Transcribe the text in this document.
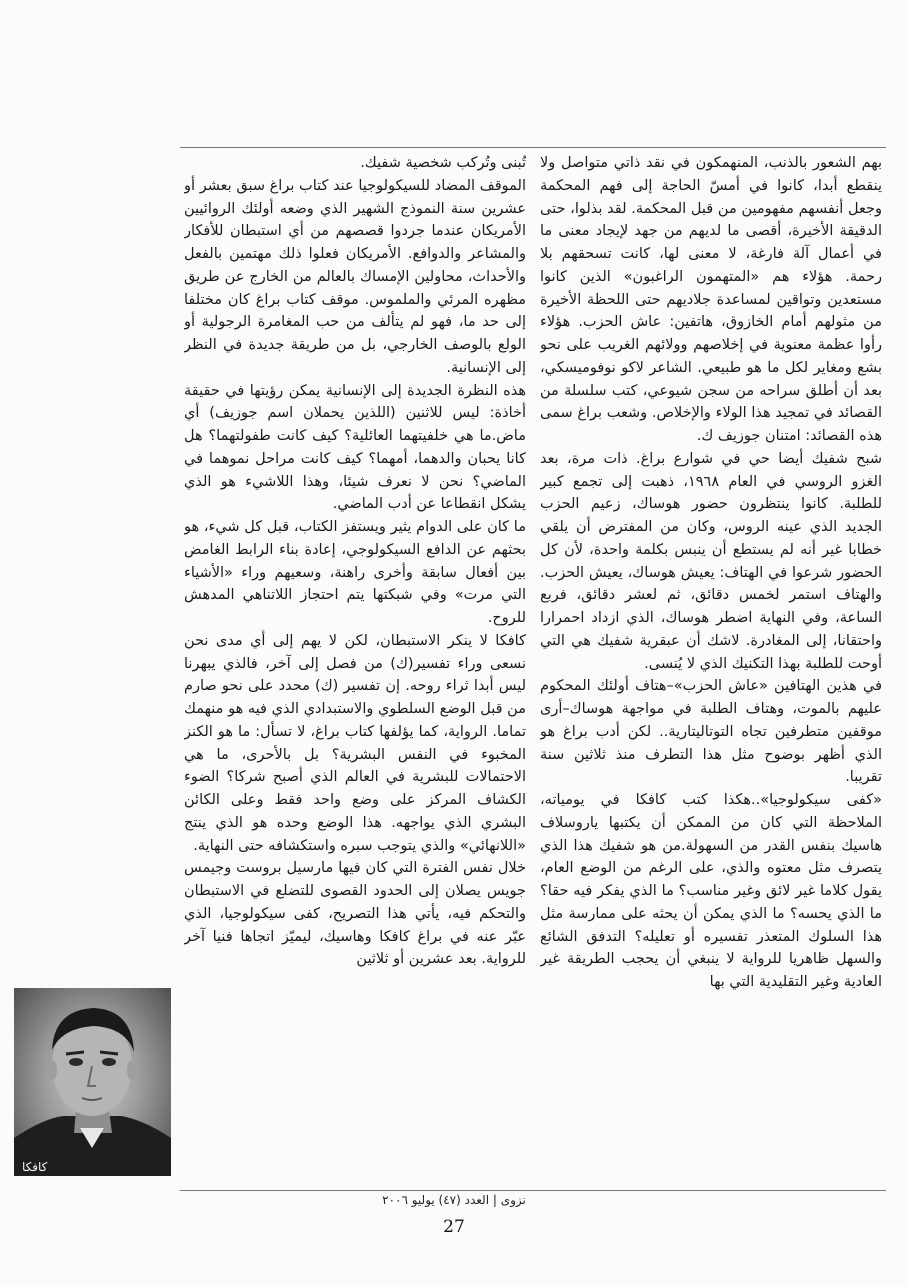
بهم الشعور بالذنب، المنهمكون في نقد ذاتي متواصل ولا ينقطع أبدا، كانوا في أمسّ الحاجة إلى فهم المحكمة وجعل أنفسهم مفهومين من قبل المحكمة. لقد بذلوا، حتى الدقيقة الأخيرة، أقصى ما لديهم من جهد لإيجاد معنى ما في أعمال آلة فارغة، لا معنى لها، كانت تسحقهم بلا رحمة. هؤلاء هم «المتهمون الراغبون» الذين كانوا مستعدين وتواقين لمساعدة جلاديهم حتى اللحظة الأخيرة من مثولهم أمام الخازوق، هاتفين: عاش الحزب. هؤلاء رأوا عظمة معنوية في إخلاصهم وولائهم الغريب على نحو بشع ومغاير لكل ما هو طبيعي. الشاعر لاكو نوفوميسكي، بعد أن أطلق سراحه من سجن شيوعي، كتب سلسلة من القصائد في تمجيد هذا الولاء والإخلاص. وشعب براغ سمى هذه القصائد: امتنان جوزيف ك.

شبح شفيك أيضا حي في شوارع براغ. ذات مرة، بعد الغزو الروسي في العام ١٩٦٨، ذهبت إلى تجمع كبير للطلبة. كانوا ينتظرون حضور هوساك، زعيم الحزب الجديد الذي عينه الروس، وكان من المفترض أن يلقي خطابا غير أنه لم يستطع أن ينبس بكلمة واحدة، لأن كل الحضور شرعوا في الهتاف: يعيش هوساك، يعيش الحزب. والهتاف استمر لخمس دقائق، ثم لعشر دقائق، فربع الساعة، وفي النهاية اضطر هوساك، الذي ازداد احمرارا واحتقانا، إلى المغادرة. لاشك أن عبقرية شفيك هي التي أوحت للطلبة بهذا التكنيك الذي لا يُنسى.

في هذين الهتافين «عاش الحزب»–هتاف أولئك المحكوم عليهم بالموت، وهتاف الطلبة في مواجهة هوساك–أرى موقفين متطرفين تجاه التوتاليتارية.. لكن أدب براغ هو الذي أظهر بوضوح مثل هذا التطرف منذ ثلاثين سنة تقريبا.

«كفى سيكولوجيا»..هكذا كتب كافكا في يومياته، الملاحظة التي كان من الممكن أن يكتبها ياروسلاف هاسيك بنفس القدر من السهولة.من هو شفيك هذا الذي يتصرف مثل معتوه والذي، على الرغم من الوضع العام، يقول كلاما غير لائق وغير مناسب؟ ما الذي يفكر فيه حقا؟ ما الذي يحسه؟ ما الذي يمكن أن يحثه على ممارسة مثل هذا السلوك المتعذر تفسيره أو تعليله؟ التدفق الشائع والسهل ظاهريا للرواية لا ينبغي أن يحجب الطريقة غير العادية وغير التقليدية التي بها

تُبنى وتُركب شخصية شفيك.

الموقف المضاد للسيكولوجيا عند كتاب براغ سبق بعشر أو عشرين سنة النموذج الشهير الذي وضعه أولئك الروائيين الأمريكان عندما جردوا قصصهم من أي استبطان للأفكار والمشاعر والدوافع. الأمريكان فعلوا ذلك مهتمين بالفعل والأحداث، محاولين الإمساك بالعالم من الخارج عن طريق مظهره المرئي والملموس. موقف كتاب براغ كان مختلفا إلى حد ما، فهو لم يتألف من حب المغامرة الرجولية أو الولع بالوصف الخارجي، بل من طريقة جديدة في النظر إلى الإنسانية.

هذه النظرة الجديدة إلى الإنسانية يمكن رؤيتها في حقيقة أخاذة: ليس للاثنين (اللذين يحملان اسم جوزيف) أي ماض.ما هي خلفيتهما العائلية؟ كيف كانت طفولتهما؟ هل كانا يحبان والدهما، أمهما؟ كيف كانت مراحل نموهما في الماضي؟ نحن لا نعرف شيئا، وهذا اللاشيء هو الذي يشكل انقطاعا عن أدب الماضي.

ما كان على الدوام يثير ويستفز الكتاب، قبل كل شيء، هو بحثهم عن الدافع السيكولوجي، إعادة بناء الرابط الغامض بين أفعال سابقة وأخرى راهنة، وسعيهم وراء «الأشياء التي مرت» وفي شبكتها يتم احتجاز اللاتناهي المدهش للروح.

كافكا لا ينكر الاستبطان، لكن لا يهم إلى أي مدى نحن نسعى وراء تفسير(ك) من فصل إلى آخر، فالذي يبهرنا ليس أبدا ثراء روحه. إن تفسير (ك) محدد على نحو صارم من قبل الوضع السلطوي والاستبدادي الذي فيه هو منهمك تماما. الرواية، كما يؤلفها كتاب براغ، لا تسأل: ما هو الكنز المخبوء في النفس البشرية؟ بل بالأحرى، ما هي الاحتمالات للبشرية في العالم الذي أصبح شركا؟ الضوء الكشاف المركز على وضع واحد فقط وعلى الكائن البشري الذي يواجهه. هذا الوضع وحده هو الذي ينتج «اللانهائي» والذي يتوجب سبره واستكشافه حتى النهاية.

خلال نفس الفترة التي كان فيها مارسيل بروست وجيمس جويس يصلان إلى الحدود القصوى للتضلع في الاستبطان والتحكم فيه، يأتي هذا التصريح، كفى سيكولوجيا، الذي عبّر عنه في براغ كافكا وهاسيك، ليميّز اتجاها فنيا آخر للرواية. بعد عشرين أو ثلاثين

كافكا
نزوى | العدد (٤٧) يوليو ٢٠٠٦
27
